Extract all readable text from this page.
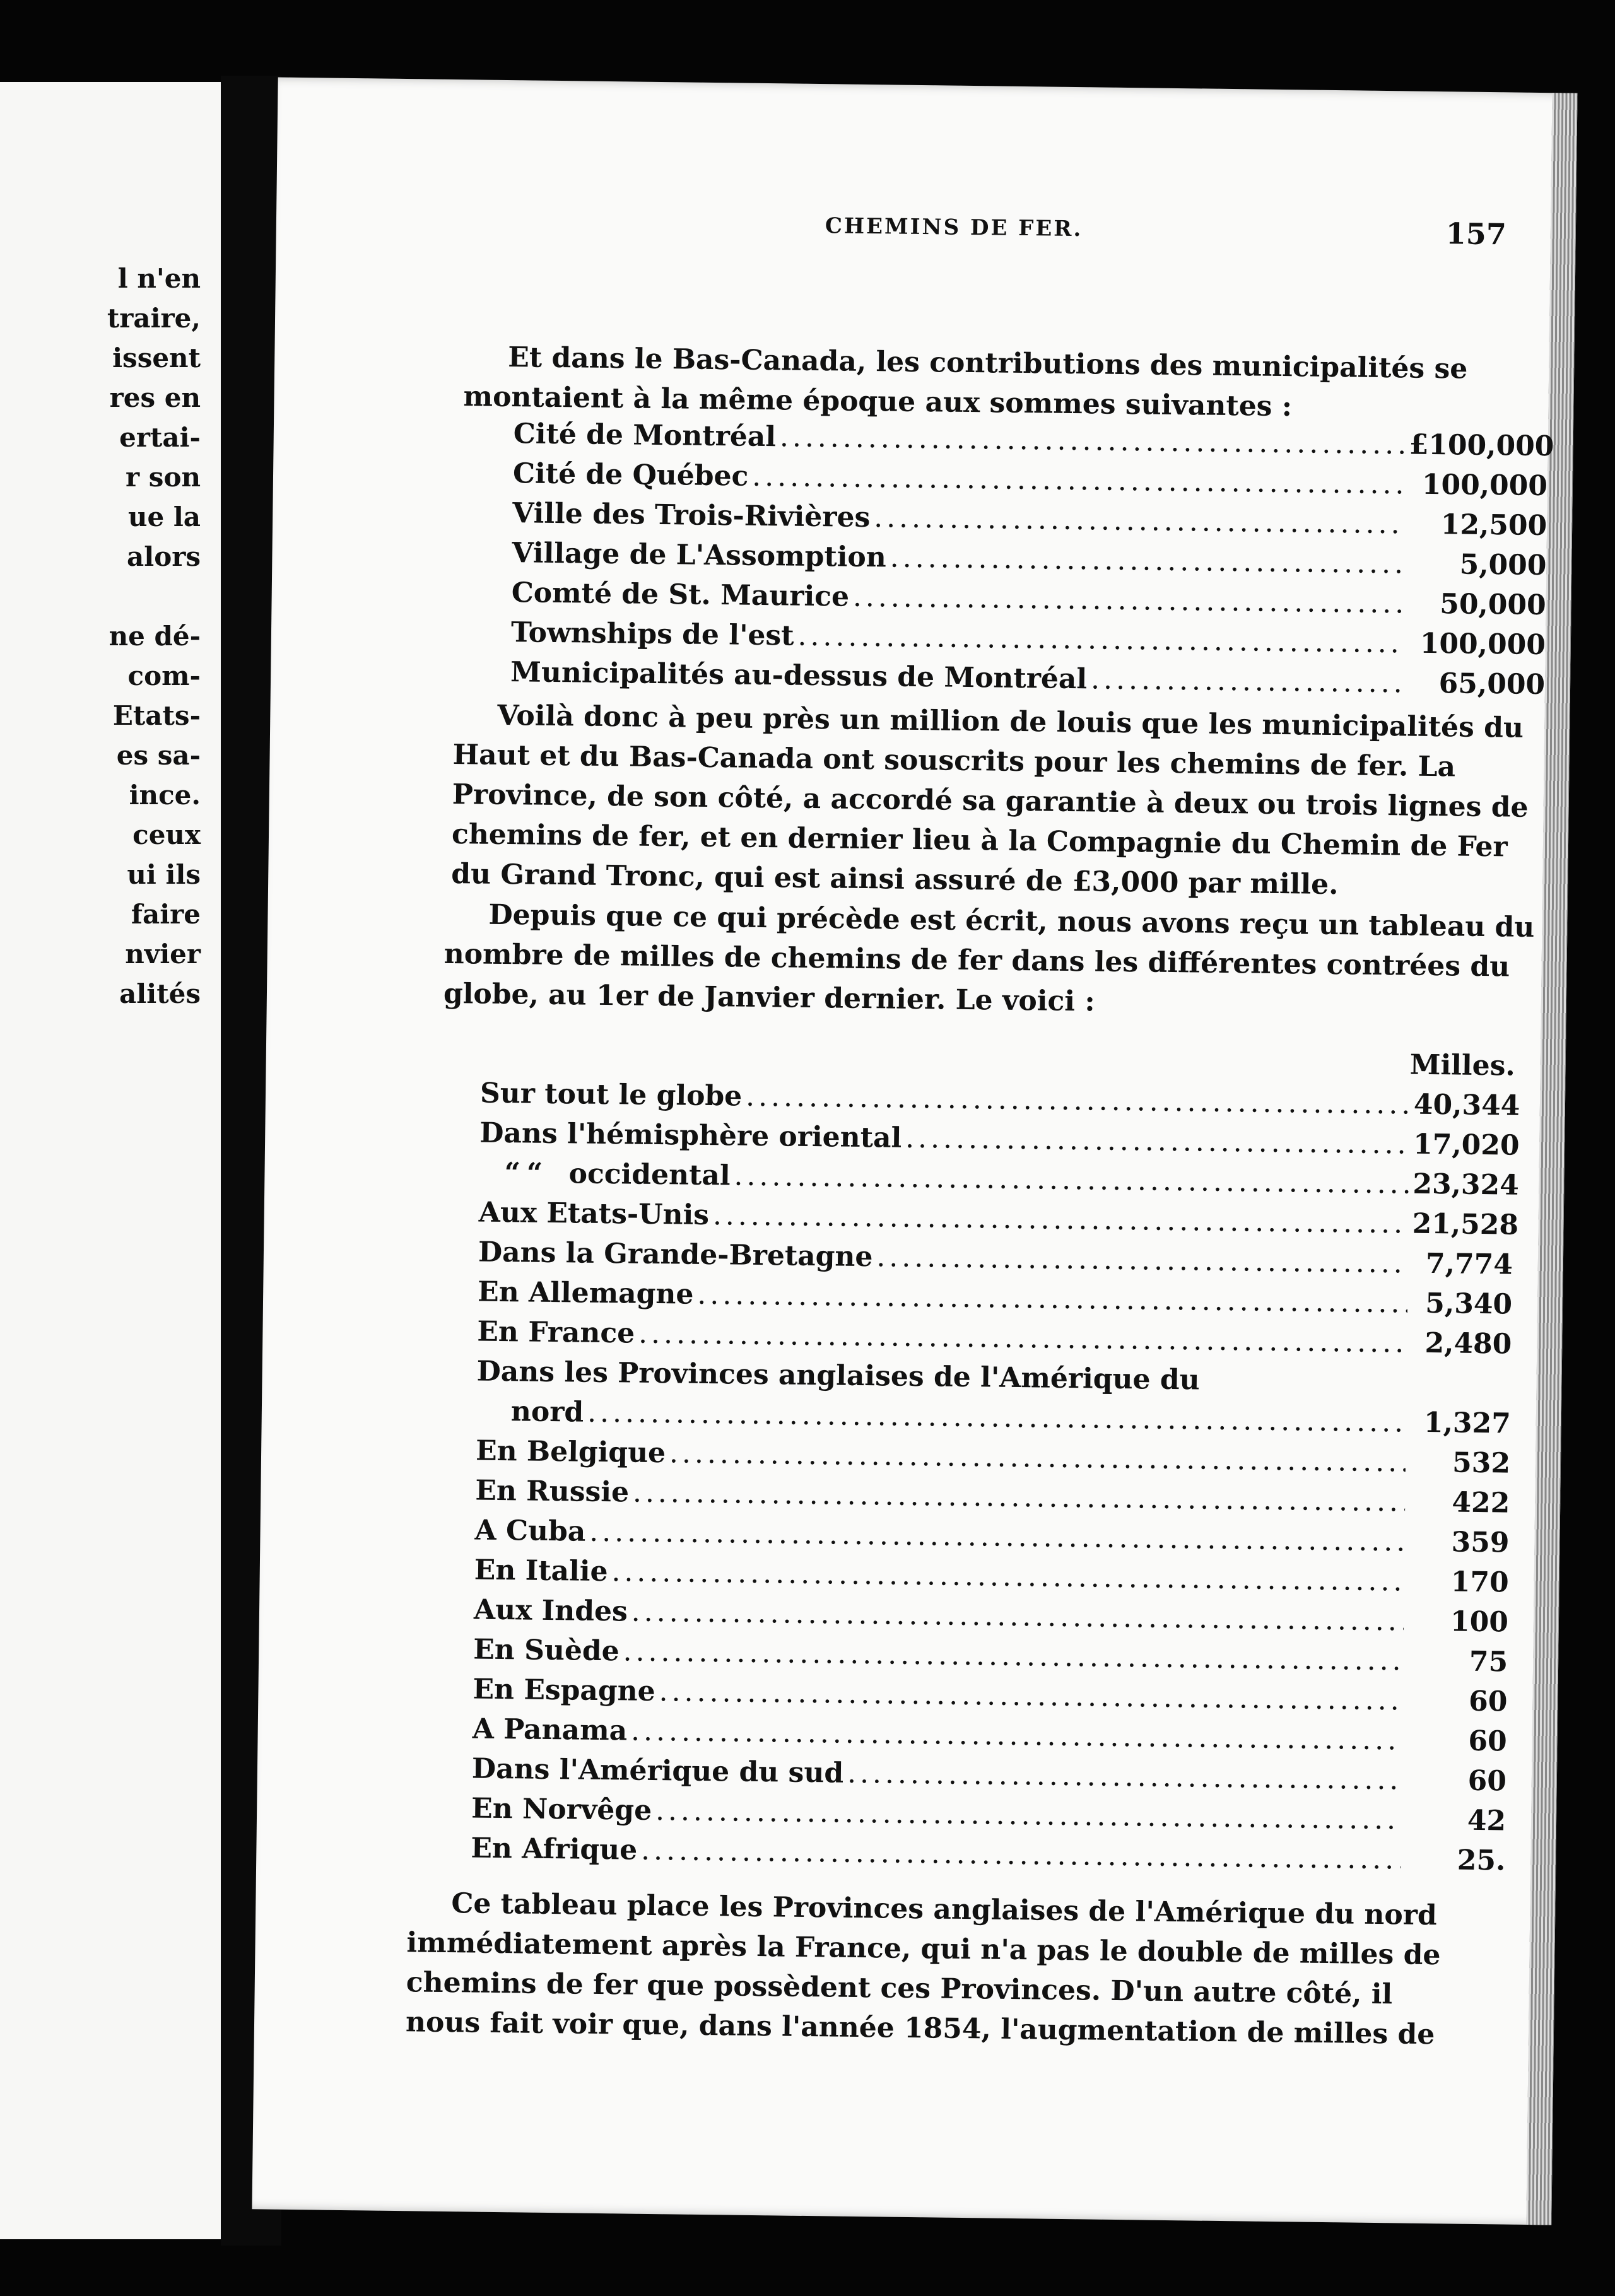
l n'en
traire,
issent
res en
ertai-
r son
ue la
alors
ne dé-
com-
Etats-
es sa-
ince.
ceux
ui ils
faire
nvier
alités
CHEMINS DE FER.	157
Et dans le Bas-Canada, les contributions des municipalités se
montaient à la même époque aux sommes suivantes :
Cité de Montréal .....	£100,000
Cité de Québec .....	100,000
Ville des Trois-Rivières .....	12,500
Village de L'Assomption .....	5,000
Comté de St. Maurice .....	50,000
Townships de l'est .....	100,000
Municipalités au-dessus de Montréal .....	65,000
Voilà donc à peu près un million de louis que les municipalités du
Haut et du Bas-Canada ont souscrits pour les chemins de fer. La
Province, de son côté, a accordé sa garantie à deux ou trois lignes de
chemins de fer, et en dernier lieu à la Compagnie du Chemin de Fer
du Grand Tronc, qui est ainsi assuré de £3,000 par mille.
Depuis que ce qui précède est écrit, nous avons reçu un tableau du
nombre de milles de chemins de fer dans les différentes contrées du
globe, au 1er de Janvier dernier. Le voici :
Milles.
Sur tout le globe .....	40,344
Dans l'hémisphère oriental .....	17,020
“ “ occidental .....	23,324
Aux Etats-Unis .....	21,528
Dans la Grande-Bretagne .....	7,774
En Allemagne .....	5,340
En France .....	2,480
Dans les Provinces anglaises de l'Amérique du
nord .....	1,327
En Belgique .....	532
En Russie .....	422
A Cuba .....	359
En Italie .....	170
Aux Indes .....	100
En Suède .....	75
En Espagne .....	60
A Panama .....	60
Dans l'Amérique du sud .....	60
En Norvêge .....	42
En Afrique .....	25.
Ce tableau place les Provinces anglaises de l'Amérique du nord
immédiatement après la France, qui n'a pas le double de milles de
chemins de fer que possèdent ces Provinces. D'un autre côté, il
nous fait voir que, dans l'année 1854, l'augmentation de milles de
